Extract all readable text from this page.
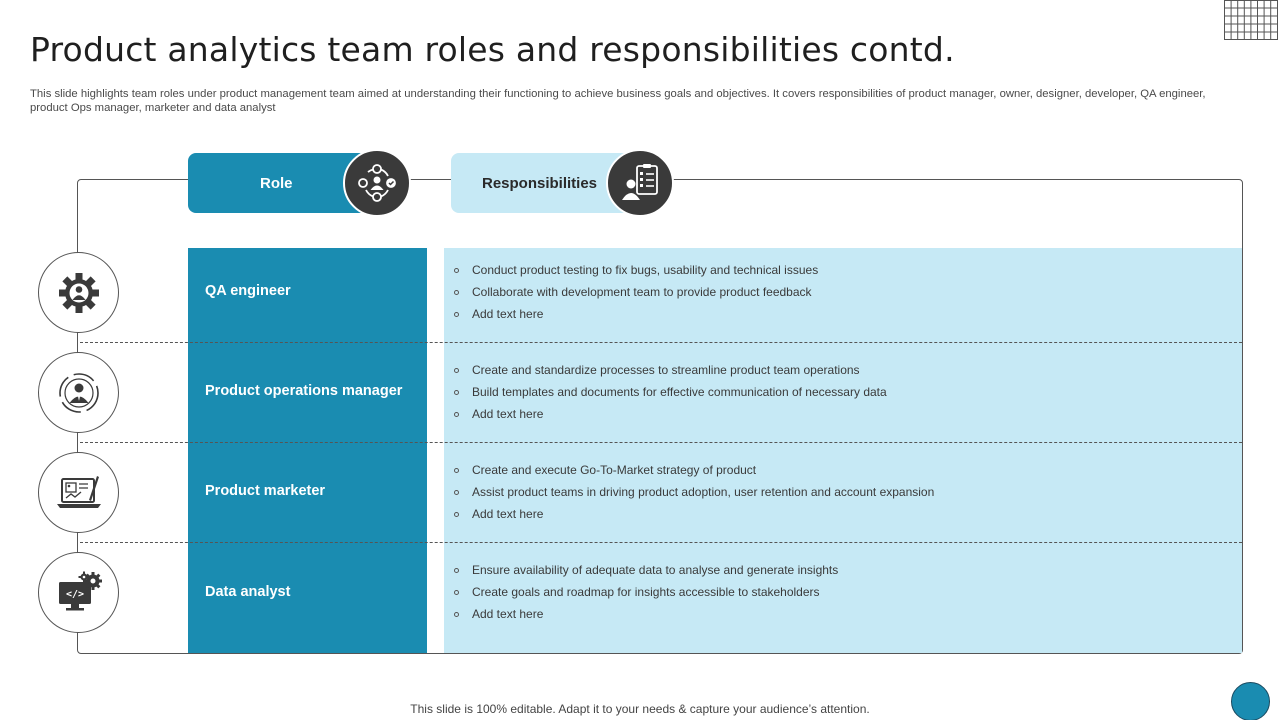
Product analytics team roles and responsibilities contd.

This slide highlights team roles under product management team aimed at understanding their functioning to achieve business goals and objectives. It covers responsibilities of product manager, owner, designer, developer, QA engineer, product Ops manager, marketer and data analyst

Role	Responsibilities
QA engineer
Conduct product testing to fix bugs, usability and technical issues
Collaborate with development team to provide product feedback
Add text here
Product operations manager
Create and standardize processes to streamline product team operations
Build templates and documents for effective communication of necessary data
Add text here
Product marketer
Create and execute Go-To-Market strategy of product
Assist product teams in driving product adoption, user retention and account expansion
Add text here
</>	Data analyst
Ensure availability of adequate data to analyse and generate insights
Create goals and roadmap for insights accessible to stakeholders
Add text here
This slide is 100% editable. Adapt it to your needs & capture your audience’s attention.
